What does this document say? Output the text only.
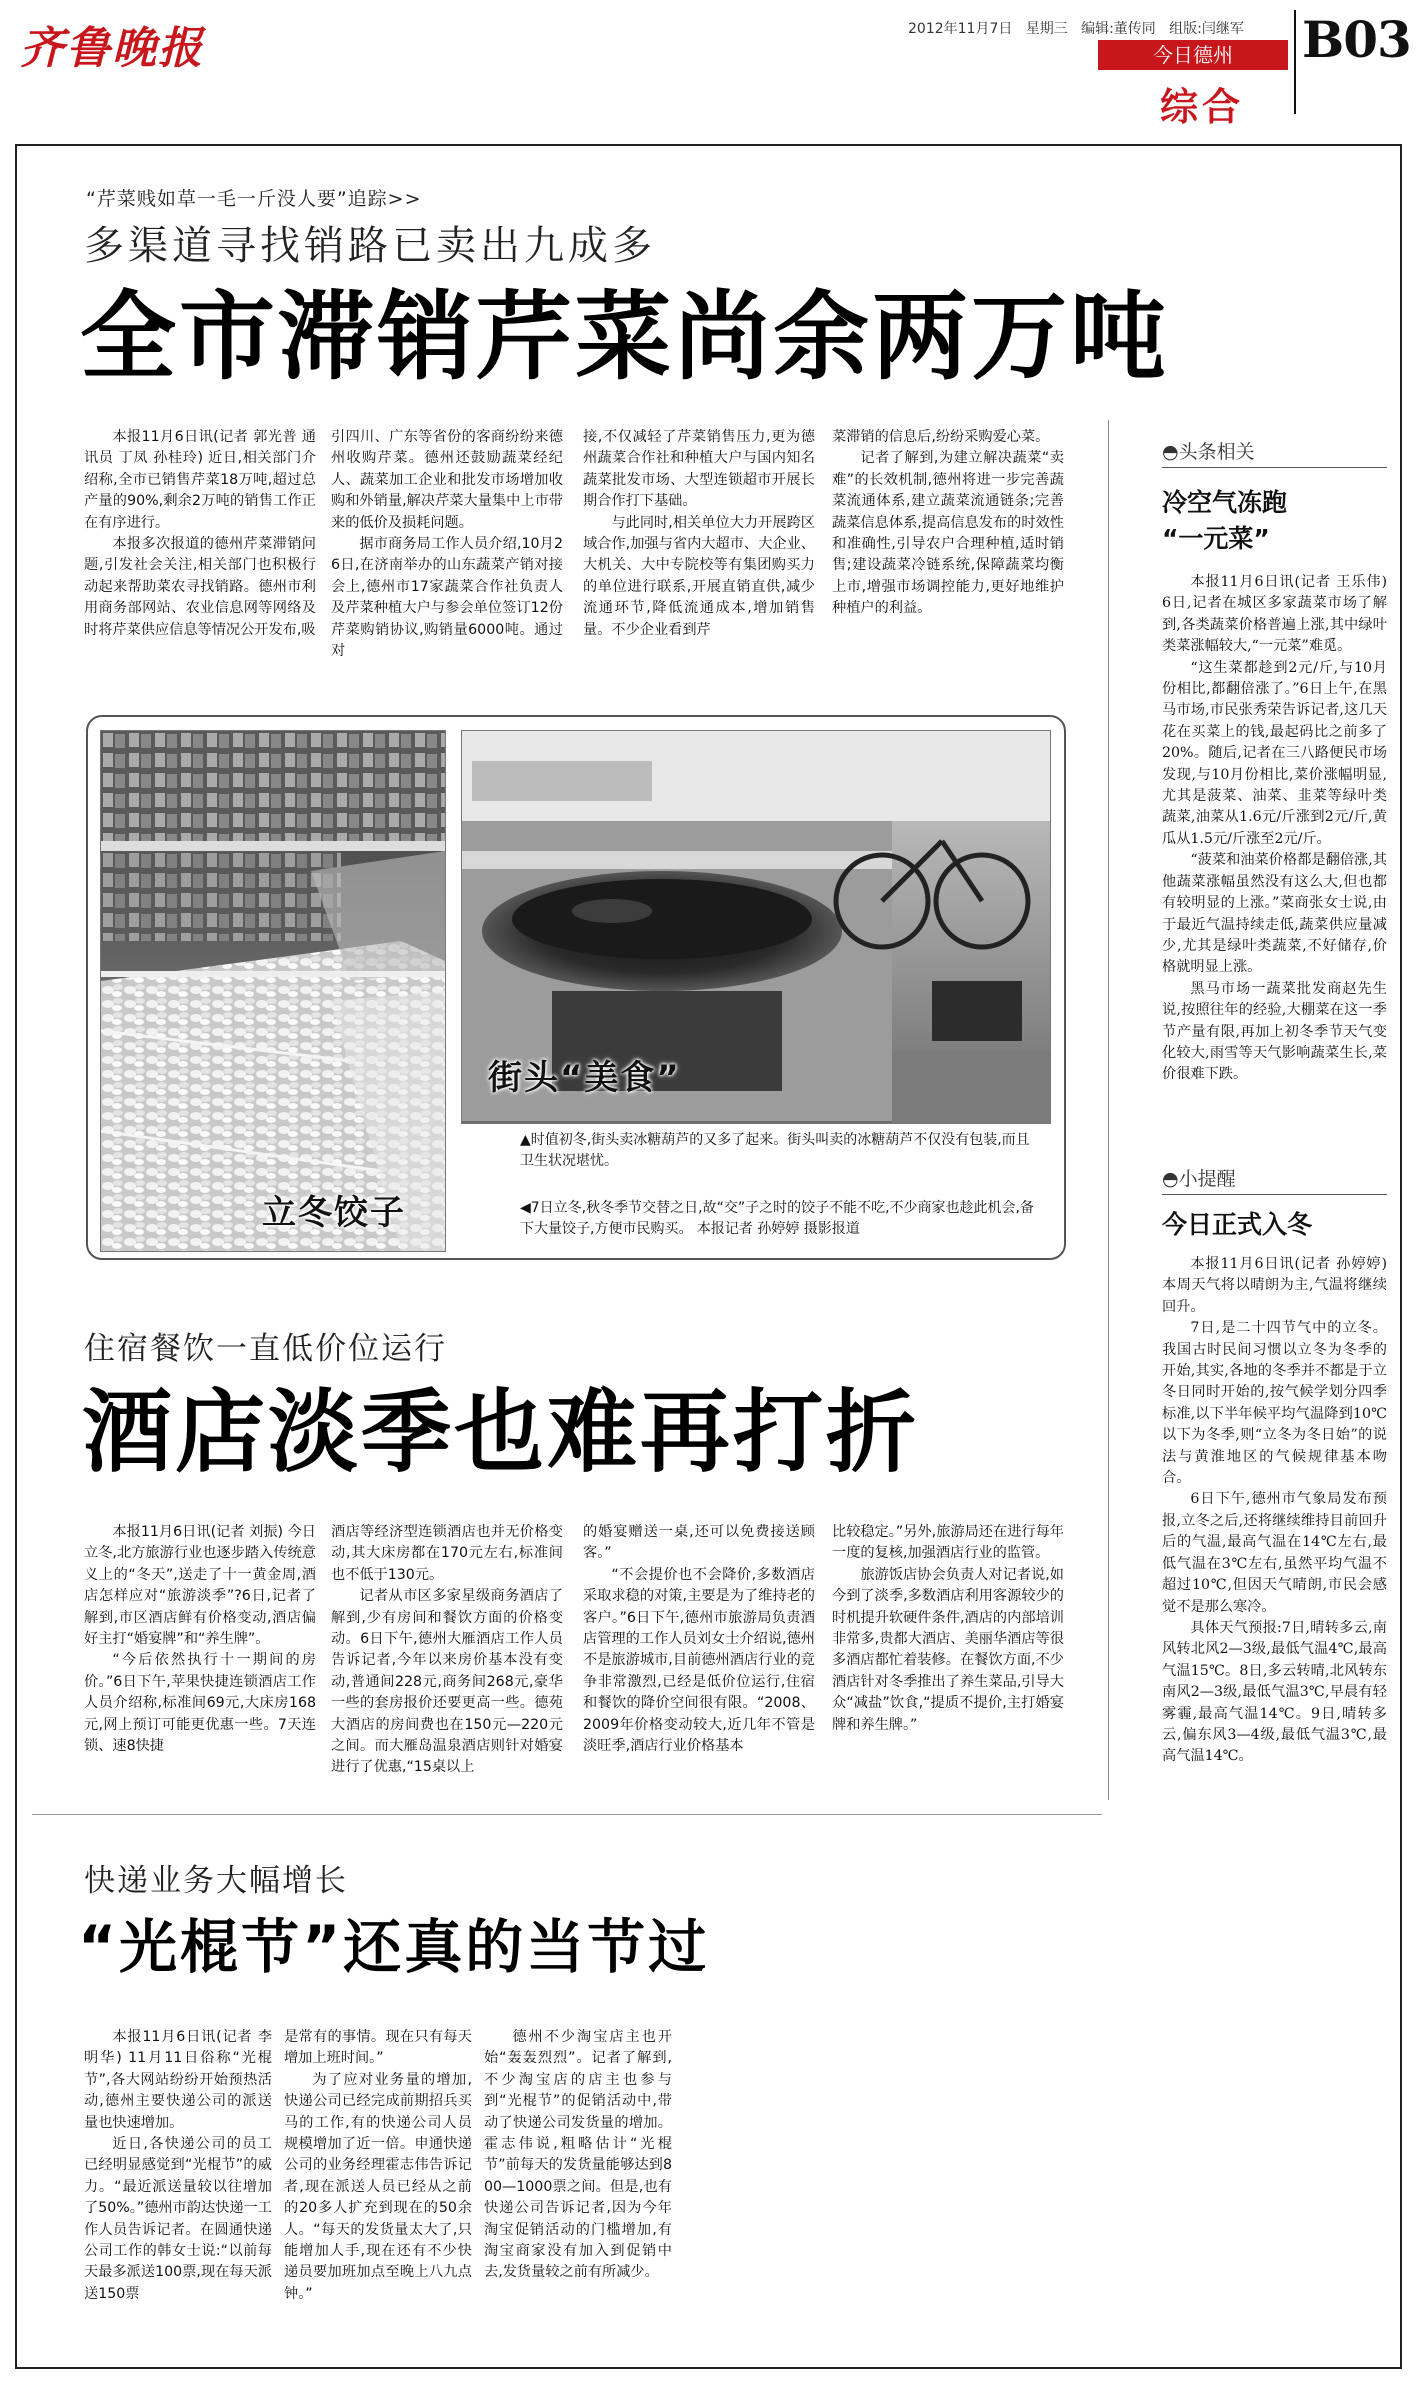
齐鲁晚报	2012年11月7日 星期三 编辑:董传同 组版:闫继军
今日德州
综合
B03
“芹菜贱如草一毛一斤没人要”追踪>>
多渠道寻找销路已卖出九成多
全市滞销芹菜尚余两万吨

本报11月6日讯(记者 郭光普 通讯员 丁凤 孙桂玲) 近日,相关部门介绍称,全市已销售芹菜18万吨,超过总产量的90%,剩余2万吨的销售工作正在有序进行。

本报多次报道的德州芹菜滞销问题,引发社会关注,相关部门也积极行动起来帮助菜农寻找销路。德州市利用商务部网站、农业信息网等网络及时将芹菜供应信息等情况公开发布,吸

引四川、广东等省份的客商纷纷来德州收购芹菜。德州还鼓励蔬菜经纪人、蔬菜加工企业和批发市场增加收购和外销量,解决芹菜大量集中上市带来的低价及损耗问题。

据市商务局工作人员介绍,10月26日,在济南举办的山东蔬菜产销对接会上,德州市17家蔬菜合作社负责人及芹菜种植大户与参会单位签订12份芹菜购销协议,购销量6000吨。通过对

接,不仅减轻了芹菜销售压力,更为德州蔬菜合作社和种植大户与国内知名蔬菜批发市场、大型连锁超市开展长期合作打下基础。

与此同时,相关单位大力开展跨区域合作,加强与省内大超市、大企业、大机关、大中专院校等有集团购买力的单位进行联系,开展直销直供,减少流通环节,降低流通成本,增加销售量。不少企业看到芹

菜滞销的信息后,纷纷采购爱心菜。

记者了解到,为建立解决蔬菜“卖难”的长效机制,德州将进一步完善蔬菜流通体系,建立蔬菜流通链条;完善蔬菜信息体系,提高信息发布的时效性和准确性,引导农户合理种植,适时销售;建设蔬菜冷链系统,保障蔬菜均衡上市,增强市场调控能力,更好地维护种植户的利益。

立冬饺子
街头“美食”
▲时值初冬,街头卖冰糖葫芦的又多了起来。街头叫卖的冰糖葫芦不仅没有包装,而且卫生状况堪忧。
◀7日立冬,秋冬季节交替之日,故“交”子之时的饺子不能不吃,不少商家也趁此机会,备下大量饺子,方便市民购买。 本报记者 孙婷婷 摄影报道
住宿餐饮一直低价位运行
酒店淡季也难再打折

本报11月6日讯(记者 刘振) 今日立冬,北方旅游行业也逐步踏入传统意义上的“冬天”,送走了十一黄金周,酒店怎样应对“旅游淡季”?6日,记者了解到,市区酒店鲜有价格变动,酒店偏好主打“婚宴牌”和“养生牌”。

“今后依然执行十一期间的房价。”6日下午,苹果快捷连锁酒店工作人员介绍称,标准间69元,大床房168元,网上预订可能更优惠一些。7天连锁、速8快捷

酒店等经济型连锁酒店也并无价格变动,其大床房都在170元左右,标准间也不低于130元。

记者从市区多家星级商务酒店了解到,少有房间和餐饮方面的价格变动。6日下午,德州大雁酒店工作人员告诉记者,今年以来房价基本没有变动,普通间228元,商务间268元,豪华一些的套房报价还要更高一些。德苑大酒店的房间费也在150元—220元之间。而大雁岛温泉酒店则针对婚宴进行了优惠,“15桌以上

的婚宴赠送一桌,还可以免费接送顾客。”

“不会提价也不会降价,多数酒店采取求稳的对策,主要是为了维持老的客户。”6日下午,德州市旅游局负责酒店管理的工作人员刘女士介绍说,德州不是旅游城市,目前德州酒店行业的竞争非常激烈,已经是低价位运行,住宿和餐饮的降价空间很有限。“2008、2009年价格变动较大,近几年不管是淡旺季,酒店行业价格基本

比较稳定。”另外,旅游局还在进行每年一度的复核,加强酒店行业的监管。

旅游饭店协会负责人对记者说,如今到了淡季,多数酒店利用客源较少的时机提升软硬件条件,酒店的内部培训非常多,贵都大酒店、美丽华酒店等很多酒店都忙着装修。在餐饮方面,不少酒店针对冬季推出了养生菜品,引导大众“减盐”饮食,“提质不提价,主打婚宴牌和养生牌。”

快递业务大幅增长
“光棍节”还真的当节过

本报11月6日讯(记者 李明华) 11月11日俗称“光棍节”,各大网站纷纷开始预热活动,德州主要快递公司的派送量也快速增加。

近日,各快递公司的员工已经明显感觉到“光棍节”的威力。“最近派送量较以往增加了50%。”德州市韵达快递一工作人员告诉记者。在圆通快递公司工作的韩女士说:“以前每天最多派送100票,现在每天派送150票

是常有的事情。现在只有每天增加上班时间。”

为了应对业务量的增加,快递公司已经完成前期招兵买马的工作,有的快递公司人员规模增加了近一倍。申通快递公司的业务经理霍志伟告诉记者,现在派送人员已经从之前的20多人扩充到现在的50余人。“每天的发货量太大了,只能增加人手,现在还有不少快递员要加班加点至晚上八九点钟。”

德州不少淘宝店主也开始“轰轰烈烈”。记者了解到,不少淘宝店的店主也参与到“光棍节”的促销活动中,带动了快递公司发货量的增加。霍志伟说,粗略估计“光棍节”前每天的发货量能够达到800—1000票之间。但是,也有快递公司告诉记者,因为今年淘宝促销活动的门槛增加,有淘宝商家没有加入到促销中去,发货量较之前有所减少。

◓头条相关
冷空气冻跑
“一元菜”

本报11月6日讯(记者 王乐伟) 6日,记者在城区多家蔬菜市场了解到,各类蔬菜价格普遍上涨,其中绿叶类菜涨幅较大,“一元菜”难觅。

“这生菜都趁到2元/斤,与10月份相比,都翻倍涨了。”6日上午,在黑马市场,市民张秀荣告诉记者,这几天花在买菜上的钱,最起码比之前多了20%。随后,记者在三八路便民市场发现,与10月份相比,菜价涨幅明显,尤其是菠菜、油菜、韭菜等绿叶类蔬菜,油菜从1.6元/斤涨到2元/斤,黄瓜从1.5元/斤涨至2元/斤。

“菠菜和油菜价格都是翻倍涨,其他蔬菜涨幅虽然没有这么大,但也都有较明显的上涨。”菜商张女士说,由于最近气温持续走低,蔬菜供应量减少,尤其是绿叶类蔬菜,不好储存,价格就明显上涨。

黑马市场一蔬菜批发商赵先生说,按照往年的经验,大棚菜在这一季节产量有限,再加上初冬季节天气变化较大,雨雪等天气影响蔬菜生长,菜价很难下跌。

◓小提醒
今日正式入冬

本报11月6日讯(记者 孙婷婷) 本周天气将以晴朗为主,气温将继续回升。

7日,是二十四节气中的立冬。我国古时民间习惯以立冬为冬季的开始,其实,各地的冬季并不都是于立冬日同时开始的,按气候学划分四季标准,以下半年候平均气温降到10℃以下为冬季,则“立冬为冬日始”的说法与黄淮地区的气候规律基本吻合。

6日下午,德州市气象局发布预报,立冬之后,还将继续维持目前回升后的气温,最高气温在14℃左右,最低气温在3℃左右,虽然平均气温不超过10℃,但因天气晴朗,市民会感觉不是那么寒冷。

具体天气预报:7日,晴转多云,南风转北风2—3级,最低气温4℃,最高气温15℃。8日,多云转晴,北风转东南风2—3级,最低气温3℃,早晨有轻雾霾,最高气温14℃。9日,晴转多云,偏东风3—4级,最低气温3℃,最高气温14℃。
